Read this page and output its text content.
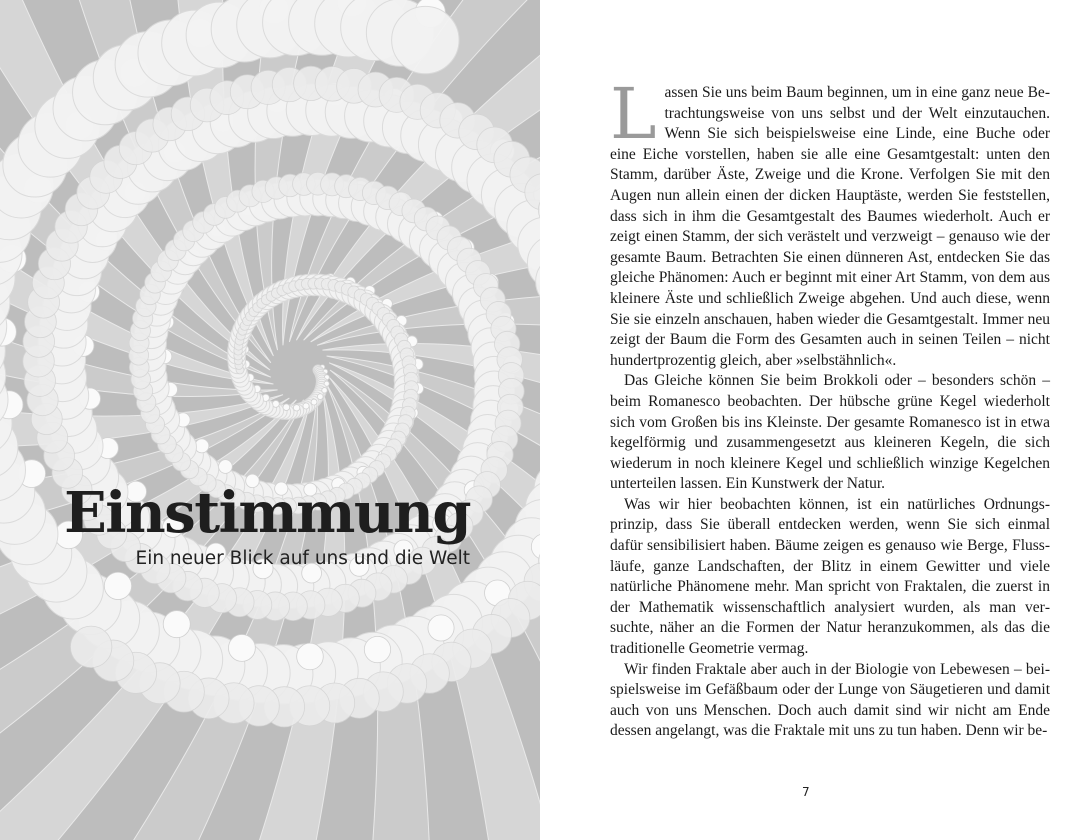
Einstimmung
Ein neuer Blick auf uns und die Welt

Lassen Sie uns beim Baum beginnen, um in eine ganz neue Betrachtungsweise von uns selbst und der Welt einzutauchen. Wenn Sie sich beispielsweise eine Linde, eine Buche oder eine Eiche vorstellen, haben sie alle eine Gesamtgestalt: unten den Stamm, darüber Äste, Zweige und die Krone. Verfolgen Sie mit den Augen nun allein einen der dicken Hauptäste, werden Sie feststellen, dass sich in ihm die Gesamtgestalt des Baumes wiederholt. Auch er zeigt einen Stamm, der sich verästelt und verzweigt – genauso wie der gesamte Baum. Betrachten Sie einen dünneren Ast, entdecken Sie das gleiche Phänomen: Auch er beginnt mit einer Art Stamm, von dem aus kleinere Äste und schließlich Zweige abgehen. Und auch diese, wenn Sie sie einzeln anschauen, haben wieder die Gesamtgestalt. Immer neu zeigt der Baum die Form des Gesamten auch in seinen Teilen – nicht hundertprozentig gleich, aber »selbstähnlich«.

Das Gleiche können Sie beim Brokkoli oder – besonders schön – beim Romanesco beobachten. Der hübsche grüne Kegel wiederholt sich vom Großen bis ins Kleinste. Der gesamte Romanesco ist in etwa kegelförmig und zusammengesetzt aus kleineren Kegeln, die sich wiederum in noch kleinere Kegel und schließlich winzige Kegelchen unterteilen lassen. Ein Kunstwerk der Natur.

Was wir hier beobachten können, ist ein natürliches Ordnungsprinzip, dass Sie überall entdecken werden, wenn Sie sich einmal dafür sensibilisiert haben. Bäume zeigen es genauso wie Berge, Flussläufe, ganze Landschaften, der Blitz in einem Gewitter und viele natürliche Phänomene mehr. Man spricht von Fraktalen, die zuerst in der Mathematik wissenschaftlich analysiert wurden, als man versuchte, näher an die Formen der Natur heranzukommen, als das die traditionelle Geometrie vermag.

Wir finden Fraktale aber auch in der Biologie von Lebewesen – beispielsweise im Gefäßbaum oder der Lunge von Säugetieren und damit auch von uns Menschen. Doch auch damit sind wir nicht am Ende dessen angelangt, was die Fraktale mit uns zu tun haben. Denn wir be-

7
